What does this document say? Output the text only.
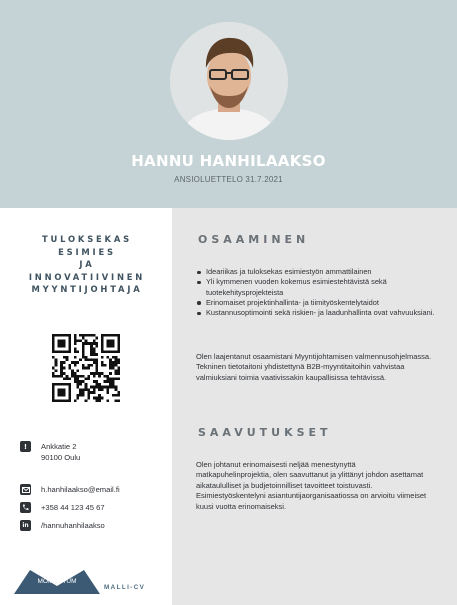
HANNU HANHILAAKSO
ANSIOLUETTELO 31.7.2021
TULOKSEKAS
ESIMIES
JA
INNOVATIIVINEN
MYYNTIJOHTAJA
!	Ankkatie 2
90100 Oulu
h.hanhilaakso@email.fi
+358 44 123 45 67
in	/hannuhanhilaakso
MOMENTUM
MALLI-CV
OSAAMINEN
Ideariikas ja tuloksekas esimiestyön ammattilainen
Yli kymmenen vuoden kokemus esimiestehtävistä sekä tuotekehitysprojekteista
Erinomaiset projektinhallinta- ja tiimityöskentelytaidot
Kustannusoptimointi sekä riskien- ja laadunhallinta ovat vahvuuksiani.
Olen laajentanut osaamistani Myyntijohtamisen valmennusohjelmassa. Tekninen tietotaitoni yhdistettynä B2B-myyntitaitoihin vahvistaa valmiuksiani toimia vaativissakin kaupallisissa tehtävissä.
SAAVUTUKSET
Olen johtanut erinomaisesti neljää menestynyttä matkapuhelinprojektia, olen saavuttanut ja ylittänyt johdon asettamat aikataululliset ja budjetoinnilliset tavoitteet toistuvasti. Esimiestyöskentelyni asiantuntijaorganisaatiossa on arvioitu viimeiset kuusi vuotta erinomaiseksi.
